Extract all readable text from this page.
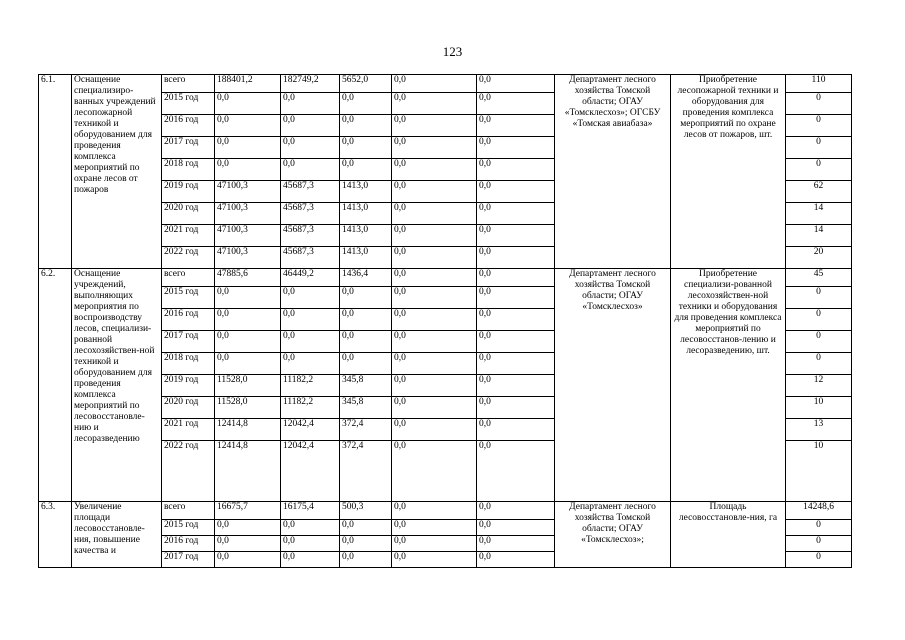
123
6.1.	Оснащение специализиро-ванных учреждений лесопожарной техникой и оборудованием для проведения комплекса мероприятий по охране лесов от пожаров	всего	188401,2	182749,2	5652,0	0,0	0,0	Департамент лесного хозяйства Томской области; ОГАУ «Томсклесхоз»; ОГСБУ «Томская авиабаза»	Приобретение лесопожарной техники и оборудования для проведения комплекса мероприятий по охране лесов от пожаров, шт.	110
		2015 год	0,0	0,0	0,0	0,0	0,0			0
		2016 год	0,0	0,0	0,0	0,0	0,0			0
		2017 год	0,0	0,0	0,0	0,0	0,0			0
		2018 год	0,0	0,0	0,0	0,0	0,0			0
		2019 год	47100,3	45687,3	1413,0	0,0	0,0			62
		2020 год	47100,3	45687,3	1413,0	0,0	0,0			14
		2021 год	47100,3	45687,3	1413,0	0,0	0,0			14
		2022 год	47100,3	45687,3	1413,0	0,0	0,0			20
6.2.	Оснащение учреждений, выполняющих мероприятия по воспроизводству лесов, специализи-рованной лесохозяйствен-ной техникой и оборудованием для проведения комплекса мероприятий по лесовосстановле-нию и лесоразведению	всего	47885,6	46449,2	1436,4	0,0	0,0	Департамент лесного хозяйства Томской области; ОГАУ «Томсклесхоз»	Приобретение специализи-рованной лесохозяйствен-ной техники и оборудования для проведения комплекса мероприятий по лесовосстанов-лению и лесоразведению, шт.	45
		2015 год	0,0	0,0	0,0	0,0	0,0			0
		2016 год	0,0	0,0	0,0	0,0	0,0			0
		2017 год	0,0	0,0	0,0	0,0	0,0			0
		2018 год	0,0	0,0	0,0	0,0	0,0			0
		2019 год	11528,0	11182,2	345,8	0,0	0,0			12
		2020 год	11528,0	11182,2	345,8	0,0	0,0			10
		2021 год	12414,8	12042,4	372,4	0,0	0,0			13
		2022 год	12414,8	12042,4	372,4	0,0	0,0			10
6.3.	Увеличение площади лесовосстановле-ния, повышение качества и	всего	16675,7	16175,4	500,3	0,0	0,0	Департамент лесного хозяйства Томской области; ОГАУ «Томсклесхоз»;	Площадь лесовосстановле-ния, га	14248,6
		2015 год	0,0	0,0	0,0	0,0	0,0			0
		2016 год	0,0	0,0	0,0	0,0	0,0			0
		2017 год	0,0	0,0	0,0	0,0	0,0			0
